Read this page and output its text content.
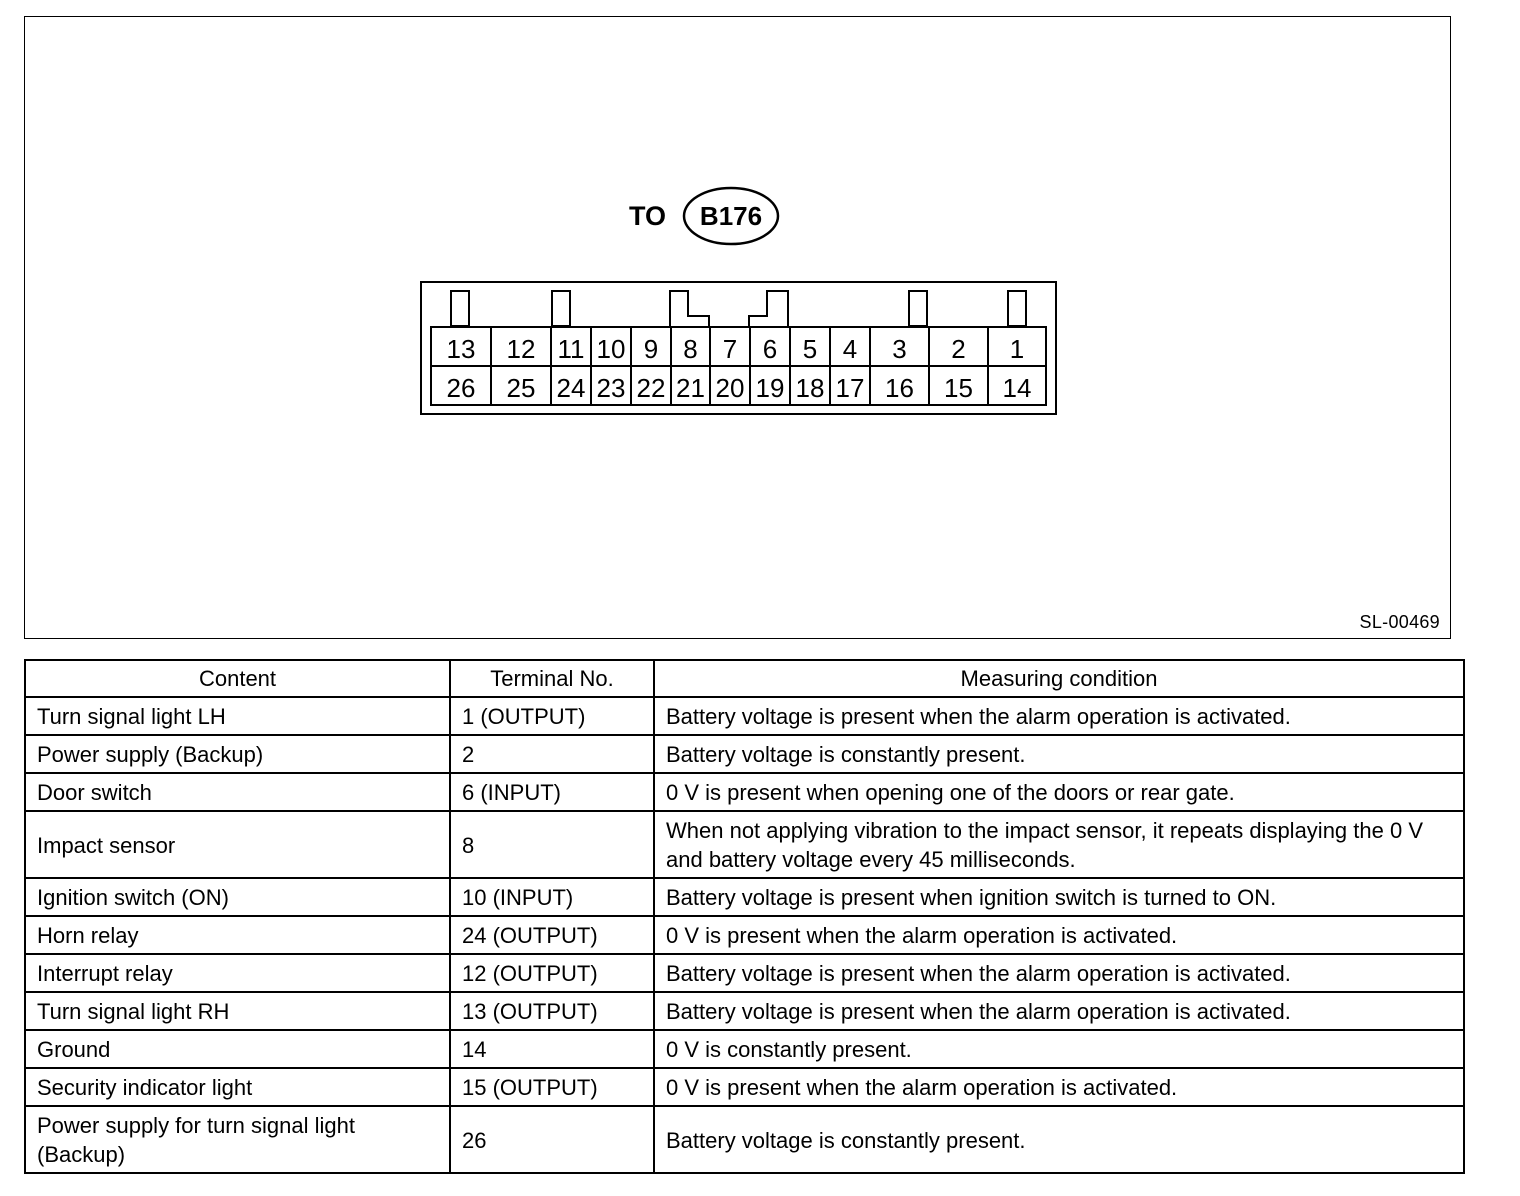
TO B176
13 12 11 10 9 8 7 6 5 4 3 2 1
26 25 24 23 22 21 20 19 18 17 16 15 14
SL-00469
Content	Terminal No.	Measuring condition
Turn signal light LH	1 (OUTPUT)	Battery voltage is present when the alarm operation is activated.
Power supply (Backup)	2	Battery voltage is constantly present.
Door switch	6 (INPUT)	0 V is present when opening one of the doors or rear gate.
Impact sensor	8	When not applying vibration to the impact sensor, it repeats displaying the 0 V and battery voltage every 45 milliseconds.
Ignition switch (ON)	10 (INPUT)	Battery voltage is present when ignition switch is turned to ON.
Horn relay	24 (OUTPUT)	0 V is present when the alarm operation is activated.
Interrupt relay	12 (OUTPUT)	Battery voltage is present when the alarm operation is activated.
Turn signal light RH	13 (OUTPUT)	Battery voltage is present when the alarm operation is activated.
Ground	14	0 V is constantly present.
Security indicator light	15 (OUTPUT)	0 V is present when the alarm operation is activated.
Power supply for turn signal light
(Backup)	26	Battery voltage is constantly present.
